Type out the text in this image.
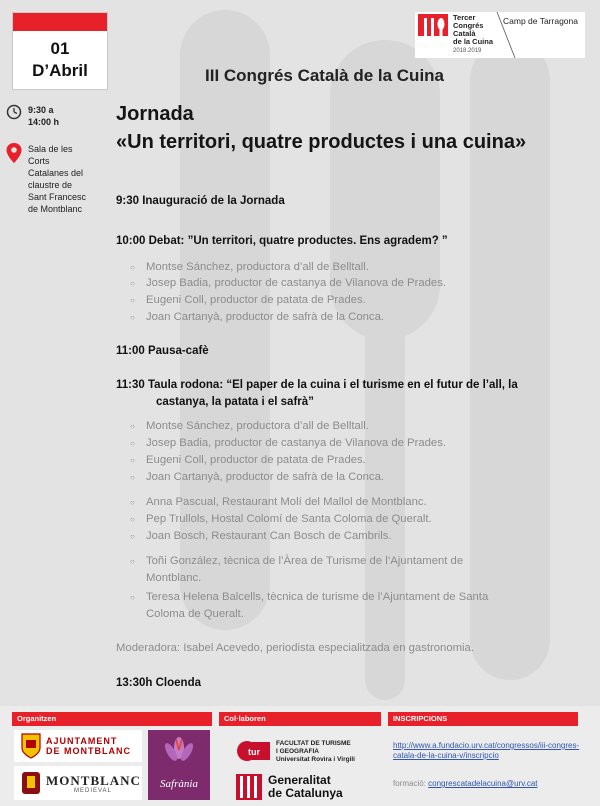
01
D’Abril
Tercer
Congrés
Català
de la Cuina
2018.2019
Camp de Tarragona
III Congrés Català de la Cuina
9:30 a
14:00 h
Sala de les
Corts
Catalanes del
claustre de
Sant Francesc
de Montblanc
Jornada
«Un territori, quatre productes i una cuina»
9:30 Inauguració de la Jornada
10:00 Debat: ”Un territori, quatre productes. Ens agradem? ”
○ Montse Sánchez, productora d’all de Belltall.
○ Josep Badia, productor de castanya de Vilanova de Prades.
○ Eugeni Coll, productor de patata de Prades.
○ Joan Cartanyà, productor de safrà de la Conca.
11:00 Pausa-cafè
11:30 Taula rodona: “El paper de la cuina i el turisme en el futur de l’all, la
castanya, la patata i el safrà”
○ Montse Sánchez, productora d’all de Belltall.
○ Josep Badia, productor de castanya de Vilanova de Prades.
○ Eugeni Coll, productor de patata de Prades.
○ Joan Cartanyà, productor de safrà de la Conca.
○ Anna Pascual, Restaurant Molí del Mallol de Montblanc.
○ Pep Trullols, Hostal Colomí de Santa Coloma de Queralt.
○ Joan Bosch, Restaurant Can Bosch de Cambrils.
○ Toñi González, tècnica de l’Àrea de Turisme de l’Ajuntament de
Montblanc.
○ Teresa Helena Balcells, tècnica de turisme de l’Ajuntament de Santa
Coloma de Queralt.
Moderadora: Isabel Acevedo, periodista especialitzada en gastronomia.
13:30h Cloenda
Organitzen	Col·laboren	INSCRIPCIONS
AJUNTAMENT
DE MONTBLANC
MONTBLANC
MEDIEVAL
Safrània
tur
FACULTAT DE TURISME
I GEOGRAFIA
Universitat Rovira i Virgili
Generalitat
de Catalunya
http://www.a.fundacio.urv.cat/congressos/iii-congres-catala-de-la-cuina-v/inscripcio
formació: congrescatadelacuina@urv.cat
